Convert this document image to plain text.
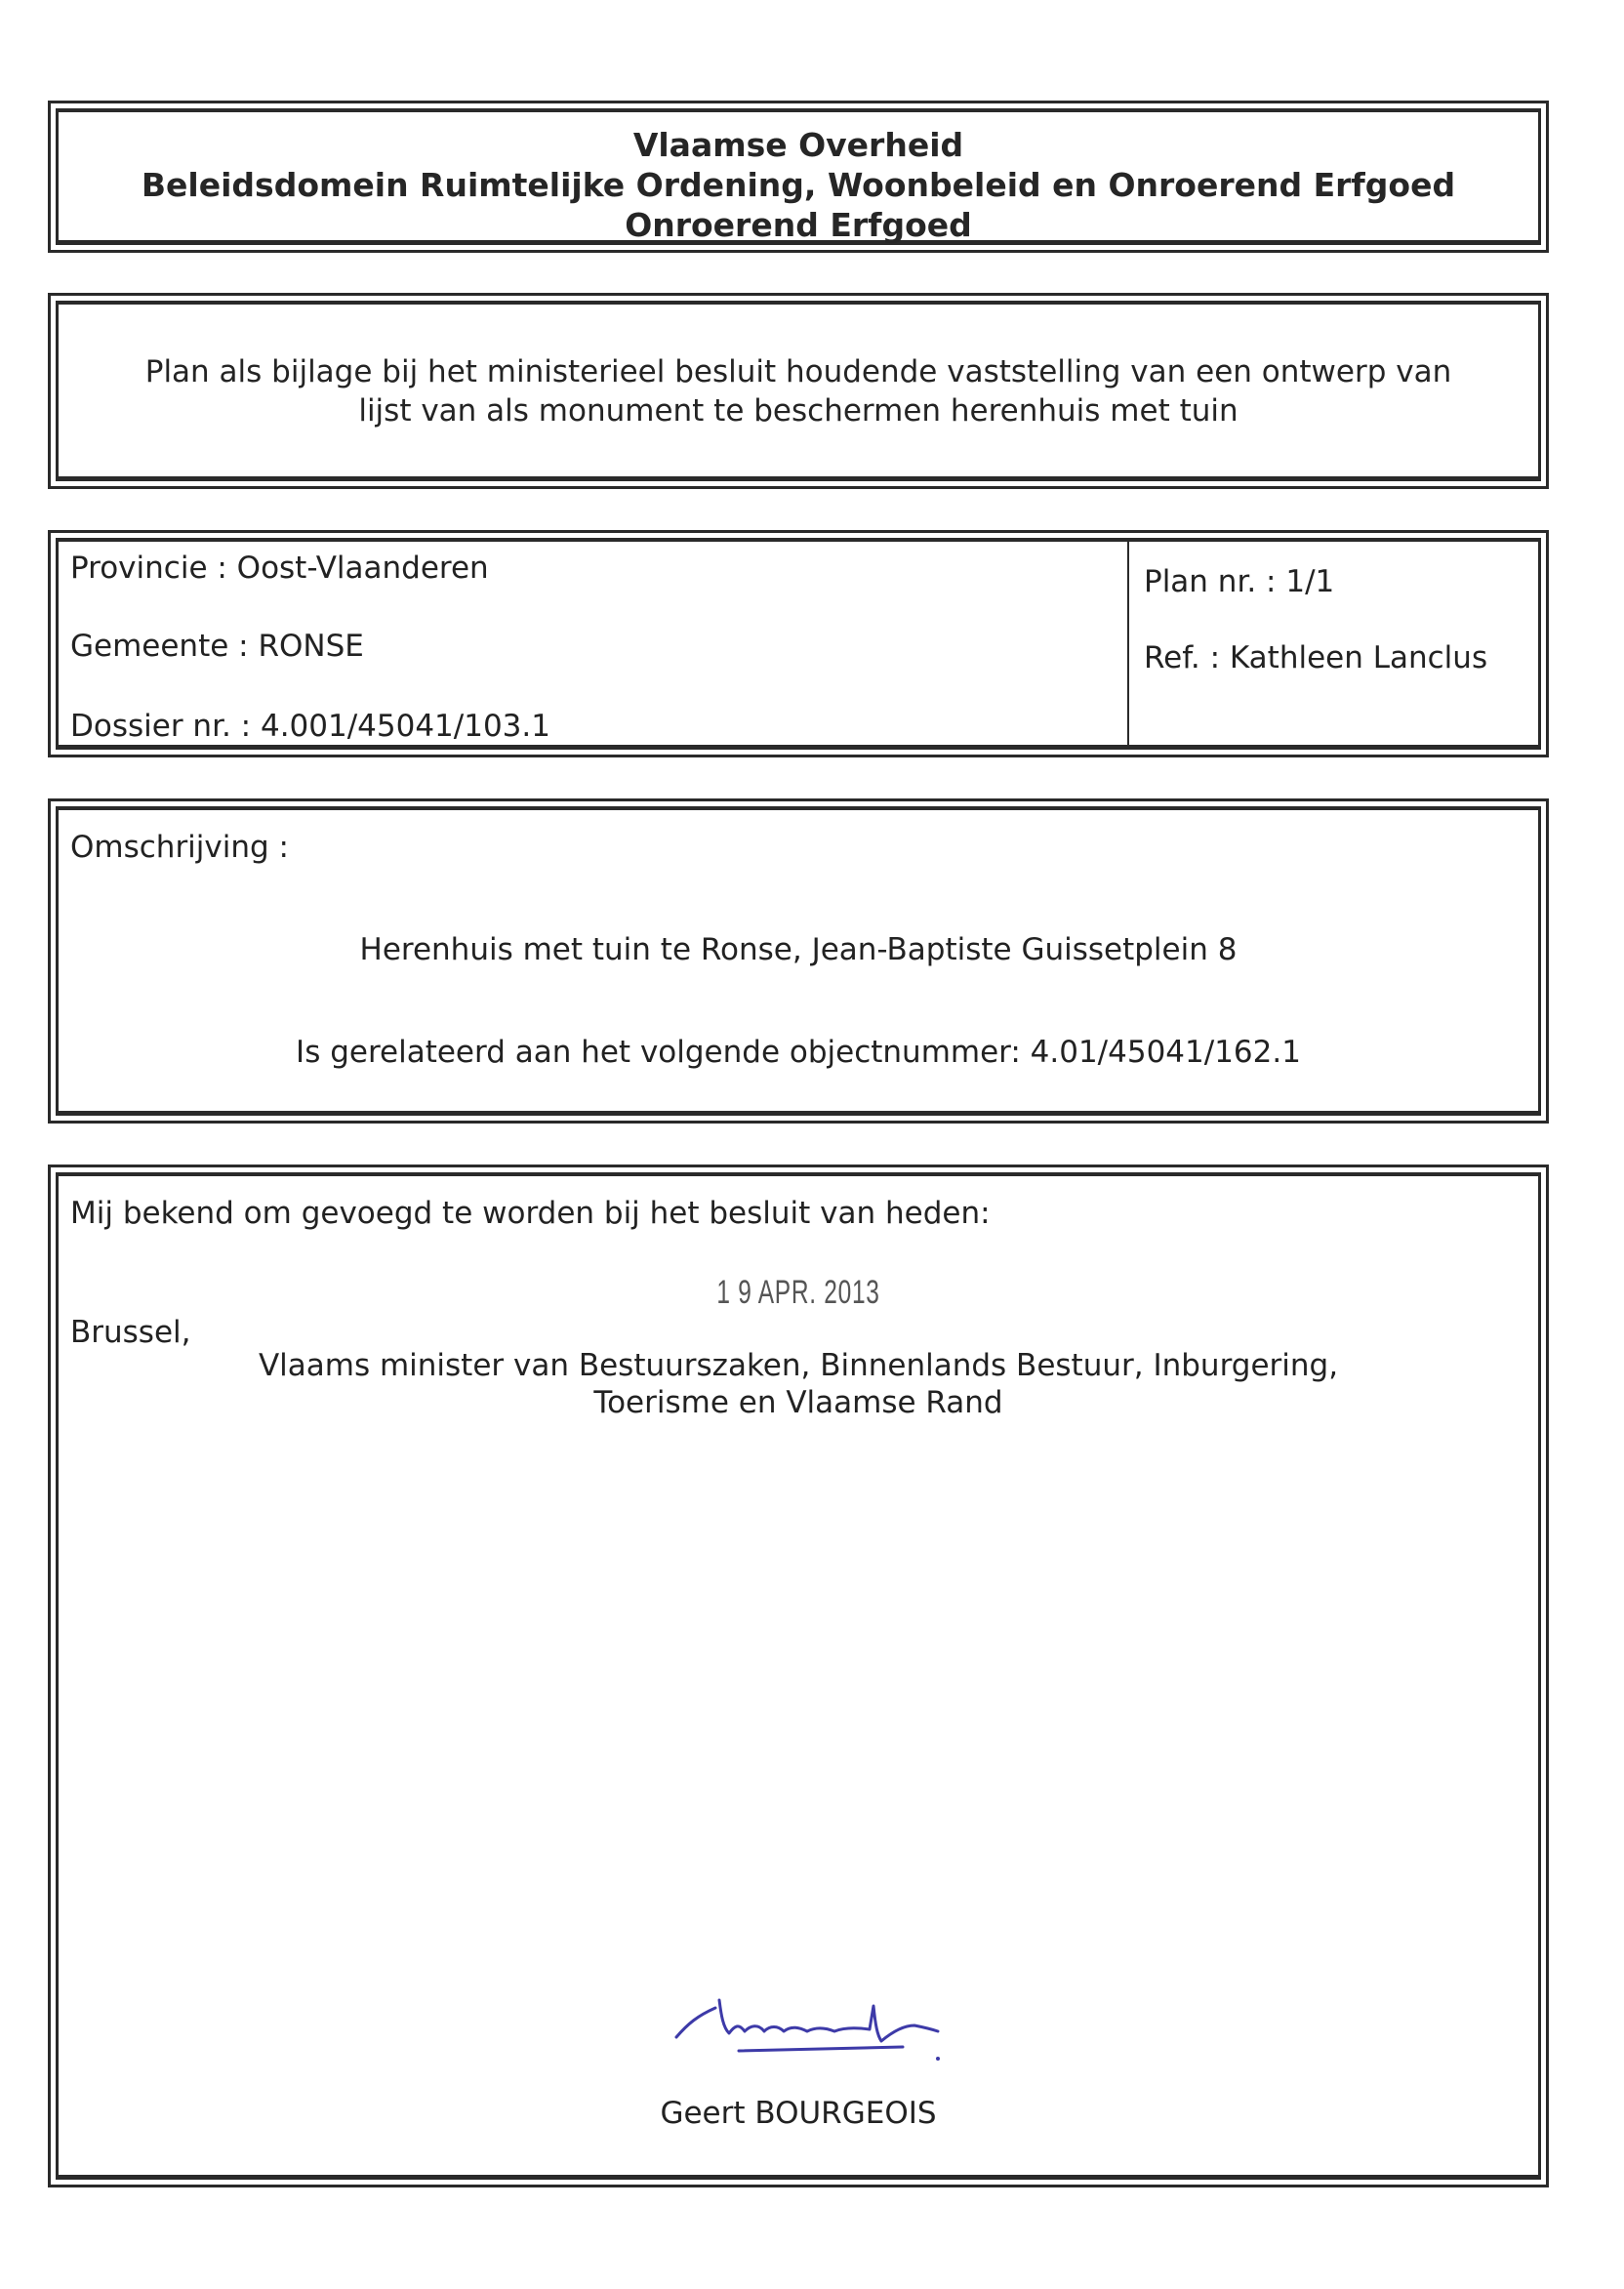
Vlaamse Overheid
Beleidsdomein Ruimtelijke Ordening, Woonbeleid en Onroerend Erfgoed
Onroerend Erfgoed
Plan als bijlage bij het ministerieel besluit houdende vaststelling van een ontwerp van
lijst van als monument te beschermen herenhuis met tuin
Provincie : Oost-Vlaanderen
Gemeente : RONSE
Dossier nr. : 4.001/45041/103.1
Plan nr. : 1/1
Ref. : Kathleen Lanclus
Omschrijving :
Herenhuis met tuin te Ronse, Jean-Baptiste Guissetplein 8
Is gerelateerd aan het volgende objectnummer: 4.01/45041/162.1
Mij bekend om gevoegd te worden bij het besluit van heden:
1 9 APR. 2013
Brussel,
Vlaams minister van Bestuurszaken, Binnenlands Bestuur, Inburgering,
Toerisme en Vlaamse Rand
Geert BOURGEOIS
